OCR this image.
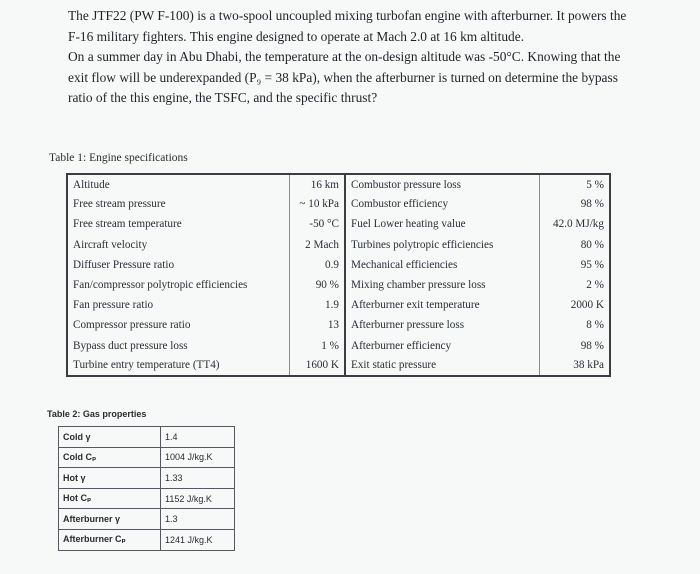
The JTF22 (PW F-100) is a two-spool uncoupled mixing turbofan engine with afterburner. It powers the F-16 military fighters. This engine designed to operate at Mach 2.0 at 16 km altitude.

On a summer day in Abu Dhabi, the temperature at the on-design altitude was -50°C. Knowing that the exit flow will be underexpanded (P₉ = 38 kPa), when the afterburner is turned on determine the bypass ratio of the this engine, the TSFC, and the specific thrust?

Table 1: Engine specifications
Altitude	16 km	Combustor pressure loss	5 %
Free stream pressure	~ 10 kPa	Combustor efficiency	98 %
Free stream temperature	-50 °C	Fuel Lower heating value	42.0 MJ/kg
Aircraft velocity	2 Mach	Turbines polytropic efficiencies	80 %
Diffuser Pressure ratio	0.9	Mechanical efficiencies	95 %
Fan/compressor polytropic efficiencies	90 %	Mixing chamber pressure loss	2 %
Fan pressure ratio	1.9	Afterburner exit temperature	2000 K
Compressor pressure ratio	13	Afterburner pressure loss	8 %
Bypass duct pressure loss	1 %	Afterburner efficiency	98 %
Turbine entry temperature (TT4)	1600 K	Exit static pressure	38 kPa
Table 2: Gas properties
Cold γ	1.4
Cold Cₚ	1004 J/kg.K
Hot γ	1.33
Hot Cₚ	1152 J/kg.K
Afterburner γ	1.3
Afterburner Cₚ	1241 J/kg.K
